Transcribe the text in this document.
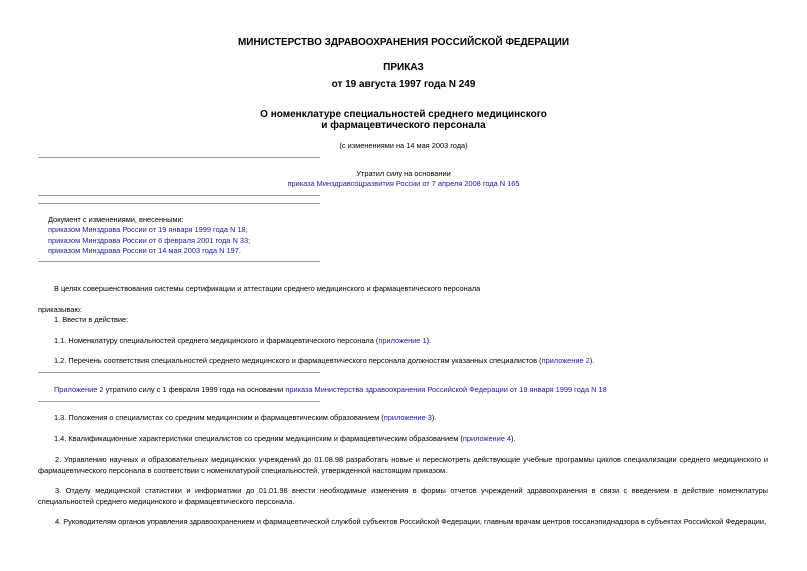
МИНИСТЕРСТВО ЗДРАВООХРАНЕНИЯ РОССИЙСКОЙ ФЕДЕРАЦИИ
ПРИКАЗ
от 19 августа 1997 года N 249
О номенклатуре специальностей среднего медицинского
и фармацевтического персонала
(с изменениями на 14 мая 2003 года)
Утратил силу на основании
приказа Минздравсоцразвития России от 7 апреля 2008 года N 165
Документ с изменениями, внесенными:
приказом Минздрава России от 19 января 1999 года N 18;
приказом Минздрава России от 6 февраля 2001 года N 33;
приказом Минздрава России от 14 мая 2003 года N 197.
В целях совершенствования системы сертификации и аттестации среднего медицинского и фармацевтического персонала
приказываю:
1. Ввести в действие:
1.1. Номенклатуру специальностей среднего медицинского и фармацевтического персонала (приложение 1).
1.2. Перечень соответствия специальностей среднего медицинского и фармацевтического персонала должностям указанных специалистов (приложение 2).
Приложение 2 утратило силу с 1 февраля 1999 года на основании приказа Министерства здравоохранения Российской Федерации от 19 января 1999 года N 18
1.3. Положения о специалистах со средним медицинским и фармацевтическим образованием (приложение 3).
1.4. Квалификационные характеристики специалистов со средним медицинским и фармацевтическим образованием (приложение 4).
2. Управлению научных и образовательных медицинских учреждений до 01.08.98 разработать новые и пересмотреть действующие учебные программы циклов специализации среднего медицинского и фармацевтического персонала в соответствии с номенклатурой специальностей, утвержденной настоящим приказом.
3. Отделу медицинской статистики и информатики до 01.01.98 внести необходимые изменения в формы отчетов учреждений здравоохранения в связи с введением в действие номенклатуры специальностей среднего медицинского и фармацевтического персонала.
4. Руководителям органов управления здравоохранением и фармацевтической службой субъектов Российской Федерации, главным врачам центров госсанэпиднадзора в субъектах Российской Федерации,
